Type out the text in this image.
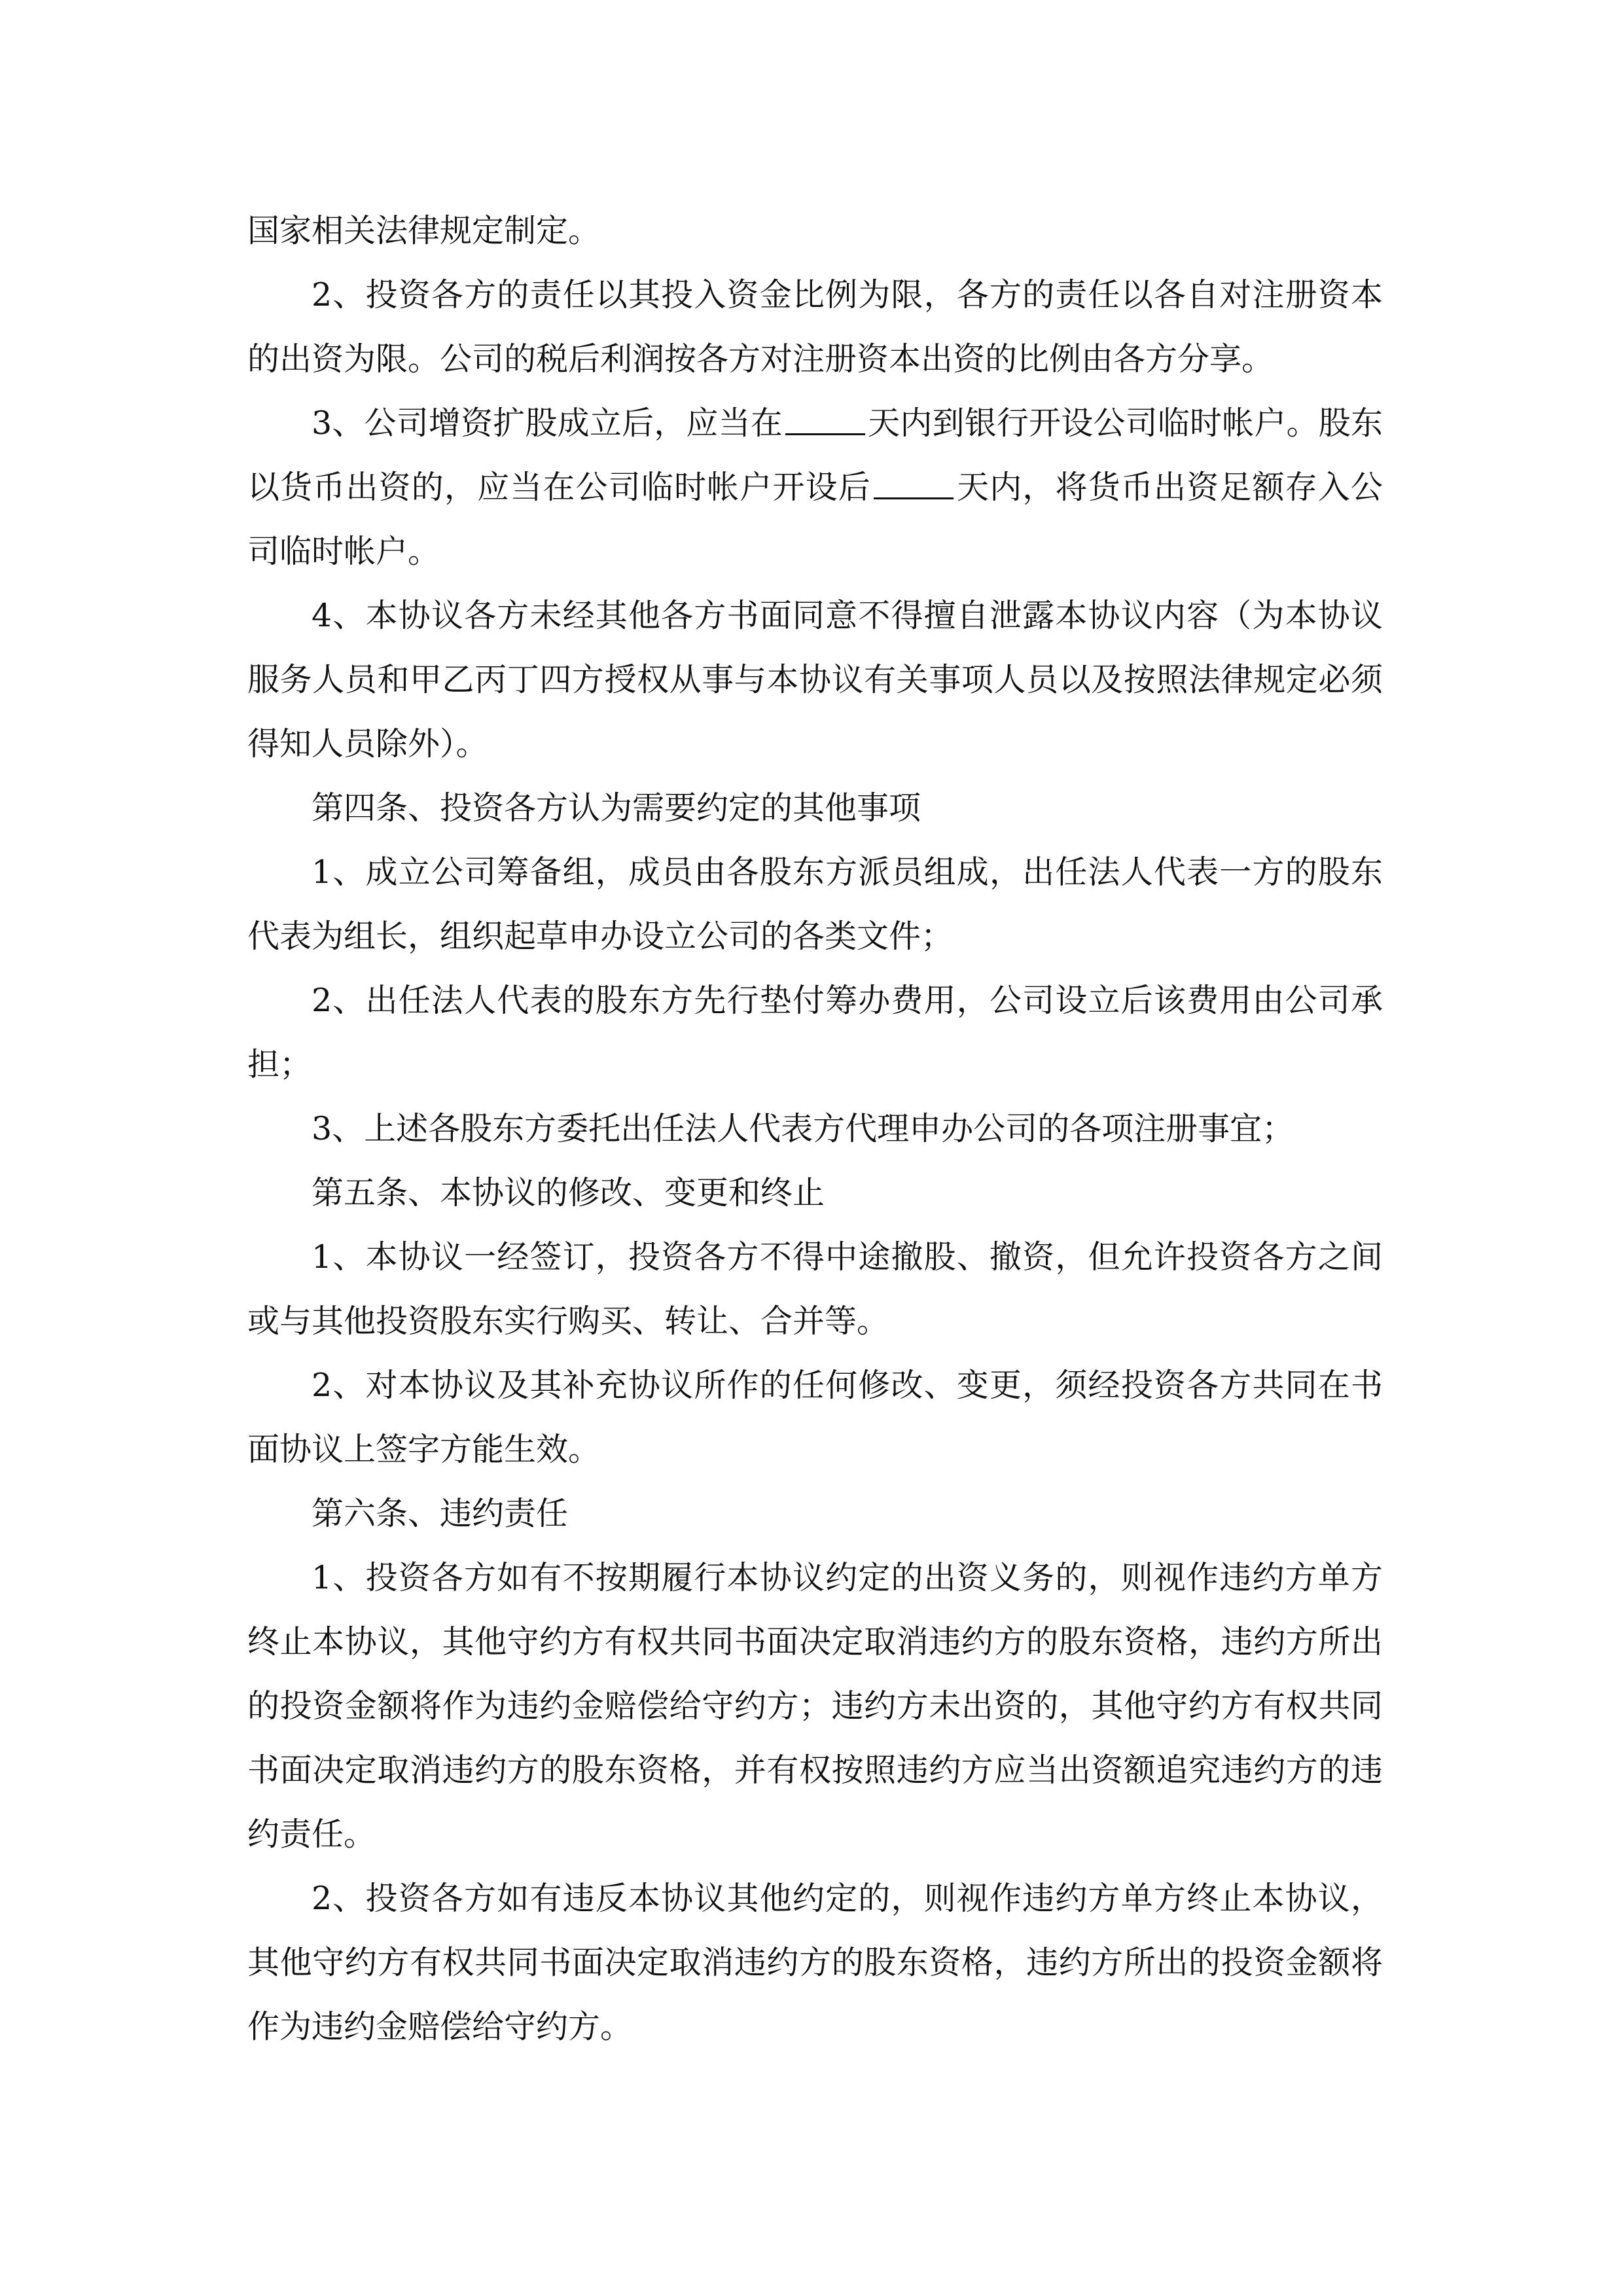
国家相关法律规定制定。

2、投资各方的责任以其投入资金比例为限，各方的责任以各自对注册资本的出资为限。公司的税后利润按各方对注册资本出资的比例由各方分享。

3、公司增资扩股成立后，应当在	天内到银行开设公司临时帐户。股东以货币出资的，应当在公司临时帐户开设后	天内，将货币出资足额存入公司临时帐户。

4、本协议各方未经其他各方书面同意不得擅自泄露本协议内容（为本协议服务人员和甲乙丙丁四方授权从事与本协议有关事项人员以及按照法律规定必须得知人员除外）。

第四条、投资各方认为需要约定的其他事项

1、成立公司筹备组，成员由各股东方派员组成，出任法人代表一方的股东代表为组长，组织起草申办设立公司的各类文件；

2、出任法人代表的股东方先行垫付筹办费用，公司设立后该费用由公司承担；

3、上述各股东方委托出任法人代表方代理申办公司的各项注册事宜；

第五条、本协议的修改、变更和终止

1、本协议一经签订，投资各方不得中途撤股、撤资，但允许投资各方之间或与其他投资股东实行购买、转让、合并等。

2、对本协议及其补充协议所作的任何修改、变更，须经投资各方共同在书面协议上签字方能生效。

第六条、违约责任

1、投资各方如有不按期履行本协议约定的出资义务的，则视作违约方单方终止本协议，其他守约方有权共同书面决定取消违约方的股东资格，违约方所出的投资金额将作为违约金赔偿给守约方；违约方未出资的，其他守约方有权共同书面决定取消违约方的股东资格，并有权按照违约方应当出资额追究违约方的违约责任。

2、投资各方如有违反本协议其他约定的，则视作违约方单方终止本协议，其他守约方有权共同书面决定取消违约方的股东资格，违约方所出的投资金额将作为违约金赔偿给守约方。
